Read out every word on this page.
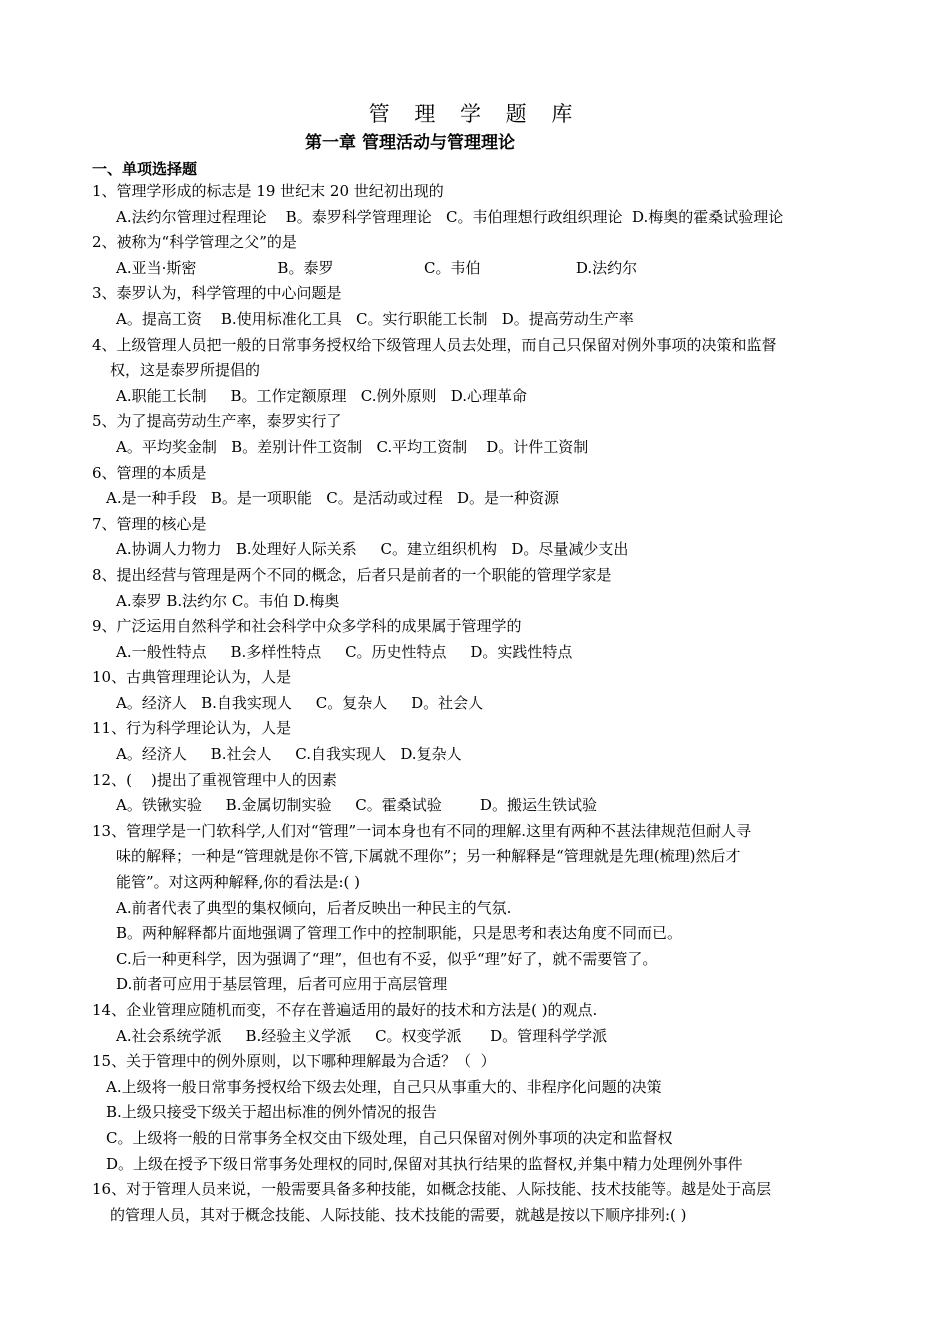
管 理 学 题 库
第一章 管理活动与管理理论
一、单项选择题
1、管理学形成的标志是 19 世纪末 20 世纪初出现的
A.法约尔管理过程理论    B。泰罗科学管理理论   C。韦伯理想行政组织理论  D.梅奥的霍桑试验理论
2、被称为“科学管理之父”的是
A.亚当·斯密                 B。泰罗                   C。韦伯                    D.法约尔
3、泰罗认为，科学管理的中心问题是
A。提高工资    B.使用标准化工具   C。实行职能工长制   D。提高劳动生产率
4、上级管理人员把一般的日常事务授权给下级管理人员去处理，而自己只保留对例外事项的决策和监督
权，这是泰罗所提倡的
A.职能工长制     B。工作定额原理   C.例外原则   D.心理革命
5、为了提高劳动生产率，泰罗实行了
A。平均奖金制   B。差别计件工资制   C.平均工资制    D。计件工资制
6、管理的本质是
A.是一种手段   B。是一项职能   C。是活动或过程   D。是一种资源
7、管理的核心是
A.协调人力物力   B.处理好人际关系     C。建立组织机构   D。尽量减少支出
8、提出经营与管理是两个不同的概念，后者只是前者的一个职能的管理学家是
A.泰罗 B.法约尔 C。韦伯 D.梅奥
9、广泛运用自然科学和社会科学中众多学科的成果属于管理学的
A.一般性特点     B.多样性特点     C。历史性特点     D。实践性特点
10、古典管理理论认为，人是
A。经济人   B.自我实现人     C。复杂人     D。社会人
11、行为科学理论认为，人是
A。经济人     B.社会人     C.自我实现人   D.复杂人
12、(    )提出了重视管理中人的因素
A。铁锹实验     B.金属切制实验     C。霍桑试验        D。搬运生铁试验
13、管理学是一门软科学,人们对“管理”一词本身也有不同的理解.这里有两种不甚法律规范但耐人寻
味的解释；一种是“管理就是你不管,下属就不理你”；另一种解释是“管理就是先理(梳理)然后才
能管”。对这两种解释,你的看法是:( )
A.前者代表了典型的集权倾向，后者反映出一种民主的气氛.
B。两种解释都片面地强调了管理工作中的控制职能，只是思考和表达角度不同而已。
C.后一种更科学，因为强调了“理”，但也有不妥，似乎“理”好了，就不需要管了。
D.前者可应用于基层管理，后者可应用于高层管理
14、企业管理应随机而变，不存在普遍适用的最好的技术和方法是( )的观点.
A.社会系统学派     B.经验主义学派     C。权变学派      D。管理科学学派
15、关于管理中的例外原则，以下哪种理解最为合适？（  ）
A.上级将一般日常事务授权给下级去处理，自己只从事重大的、非程序化问题的决策
B.上级只接受下级关于超出标准的例外情况的报告
C。上级将一般的日常事务全权交由下级处理，自己只保留对例外事项的决定和监督权
D。上级在授予下级日常事务处理权的同时,保留对其执行结果的监督权,并集中精力处理例外事件
16、对于管理人员来说，一般需要具备多种技能，如概念技能、人际技能、技术技能等。越是处于高层
的管理人员，其对于概念技能、人际技能、技术技能的需要，就越是按以下顺序排列:( )
